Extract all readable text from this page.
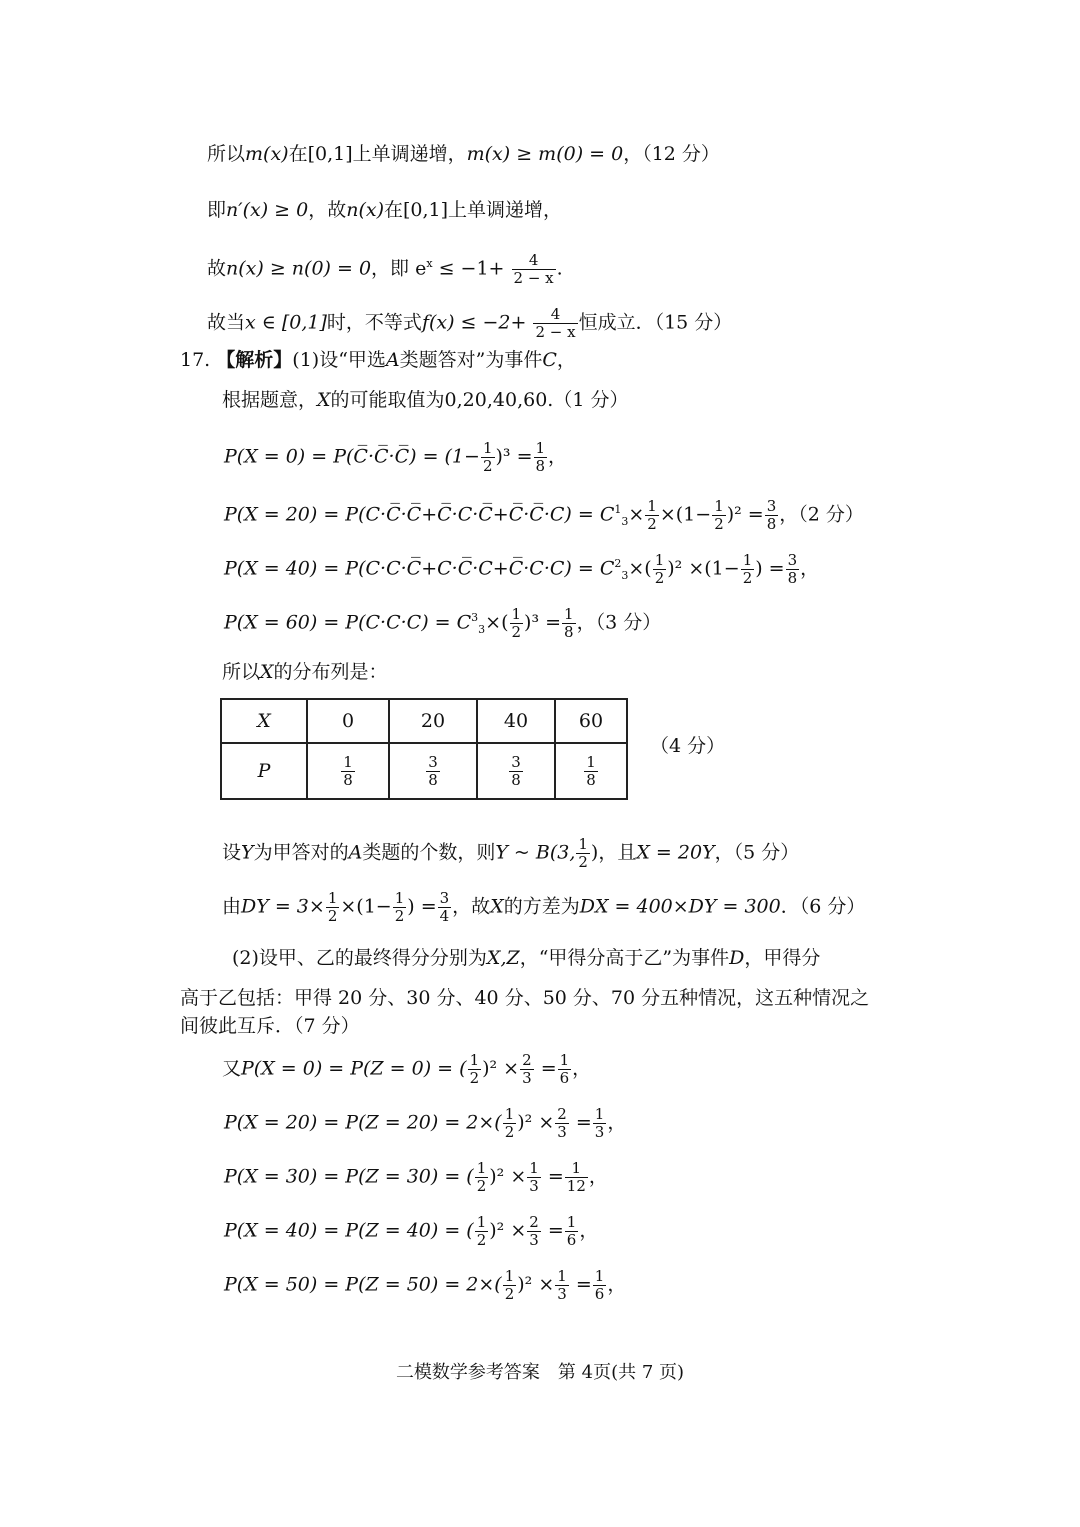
所以m(x)在[0,1]上单调递增，m(x) ≥ m(0) = 0，（12 分）
即n′(x) ≥ 0，故n(x)在[0,1]上单调递增，
故n(x) ≥ n(0) = 0，即 $e^x \le -1+ \frac{4}{2 - x}$ .
故当x ∈ [0,1]时，不等式$f(x) \le -2+ \frac{4}{2 - x}$ 恒成立．（15 分）
17. 【解析】(1)设“甲选A类题答对”为事件C，
根据题意，X的可能取值为0,20,40,60.（1 分）
P(X = 0) = P(C̅·C̅·C̅) = $(1- \frac{1}{2} )^3 = \frac{1}{8}$ ，
P(X = 20) = P(C·C̅·C̅+C̅·C·C̅+C̅·C̅·C) = $C^1_3\times \frac{1}{2} \times(1- \frac{1}{2} )^2 = \frac{3}{8}$ ，（2 分）
P(X = 40) = P(C·C·C̅+C·C̅·C+C̅·C·C) = $C^2_3\times( \frac{1}{2} )^2 \times(1- \frac{1}{2}$ ) = $\frac{3}{8}$ ，
$P(X = 60) = P(C\cdot C\cdot C) = C^3_3\times( \frac{1}{2} )^3 = \frac{1}{8}$ ，（3 分）
所以X的分布列是：
X	0	20	40	60
P	$\frac{1}{8}$	$\frac{3}{8}$	$\frac{3}{8}$	$\frac{1}{8}$
（4 分）
设Y为甲答对的A类题的个数，则Y ~ B(3, $\frac{1}{2}$ )，且X = 20Y，（5 分）
由DY = $3\times \frac{1}{2} \times(1- \frac{1}{2}$ ) = $\frac{3}{4}$ ，故X的方差为DX = 400×DY = 300．（6 分）
(2)设甲、乙的最终得分分别为X,Z，“甲得分高于乙”为事件D，甲得分
高于乙包括：甲得 20 分、30 分、40 分、50 分、70 分五种情况，这五种情况之
间彼此互斥．（7 分）
又P(X = 0) = P(Z = 0) = ( $\frac{1}{2} )^2 \times \frac{2}{3} = \frac{1}{6}$ ，
$P(X = 20) = P(Z = 20) = 2\times( \frac{1}{2} )^2 \times \frac{2}{3} = \frac{1}{3}$ ，
P(X = 30) = P(Z = 30) = ( $\frac{1}{2} )^2 \times \frac{1}{3} = \frac{1}{12}$ ，
P(X = 40) = P(Z = 40) = ( $\frac{1}{2} )^2 \times \frac{2}{3} = \frac{1}{6}$ ，
$P(X = 50) = P(Z = 50) = 2\times( \frac{1}{2} )^2 \times \frac{1}{3} = \frac{1}{6}$ ，
二模数学参考答案　第 4页(共 7 页)
